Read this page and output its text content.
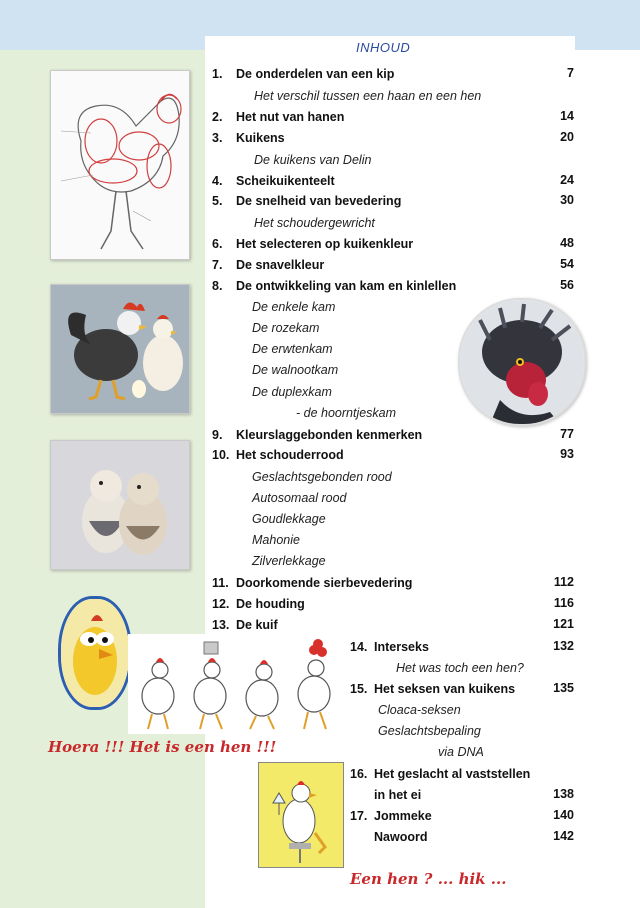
INHOUD
Hoera !!! Het is een hen !!!
Een hen ? ... hik ...
1. De onderdelen van een kip	7
Het verschil tussen een haan en een hen
2. Het nut van hanen	14
3. Kuikens	20
De kuikens van Delin
4. Scheikuikenteelt	24
5. De snelheid van bevedering	30
Het schoudergewricht
6. Het selecteren op kuikenkleur	48
7. De snavelkleur	54
8. De ontwikkeling van kam en kinlellen	56
De enkele kam
De rozekam
De erwtenkam
De walnootkam
De duplexkam
- de hoorntjeskam
9. Kleurslaggebonden kenmerken	77
10. Het schouderrood	93
Geslachtsgebonden rood
Autosomaal rood
Goudlekkage
Mahonie
Zilverlekkage
11. Doorkomende sierbevedering	112
12. De houding	116
13. De kuif	121
14. Interseks	132
Het was toch een hen?
15. Het seksen van kuikens	135
Cloaca-seksen
Geslachtsbepaling
via DNA
16. Het geslacht al vaststellen
in het ei	138
17. Jommeke	140
Nawoord	142
